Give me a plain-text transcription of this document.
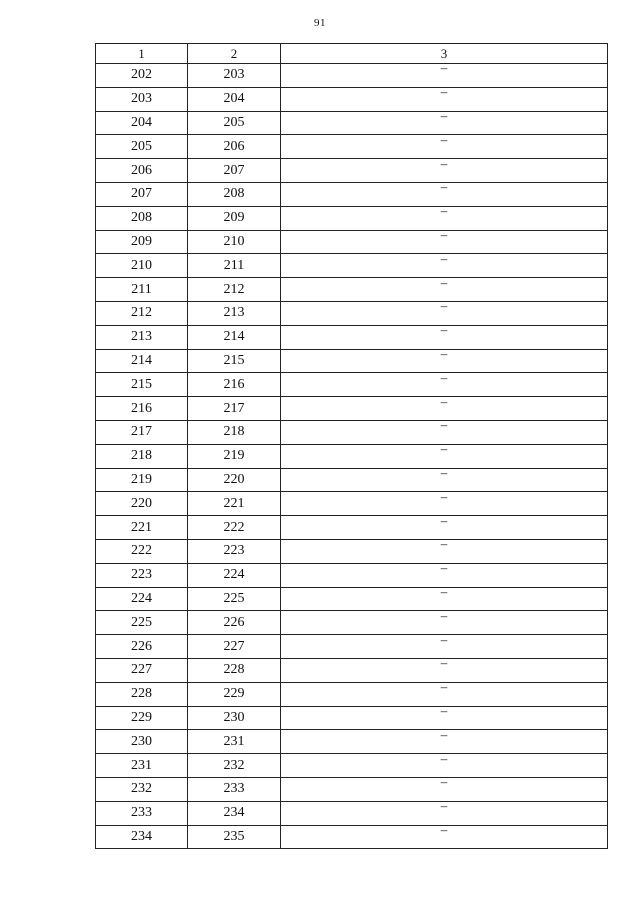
91
1	2	3
202	203	–
203	204	–
204	205	–
205	206	–
206	207	–
207	208	–
208	209	–
209	210	–
210	211	–
211	212	–
212	213	–
213	214	–
214	215	–
215	216	–
216	217	–
217	218	–
218	219	–
219	220	–
220	221	–
221	222	–
222	223	–
223	224	–
224	225	–
225	226	–
226	227	–
227	228	–
228	229	–
229	230	–
230	231	–
231	232	–
232	233	–
233	234	–
234	235	–
